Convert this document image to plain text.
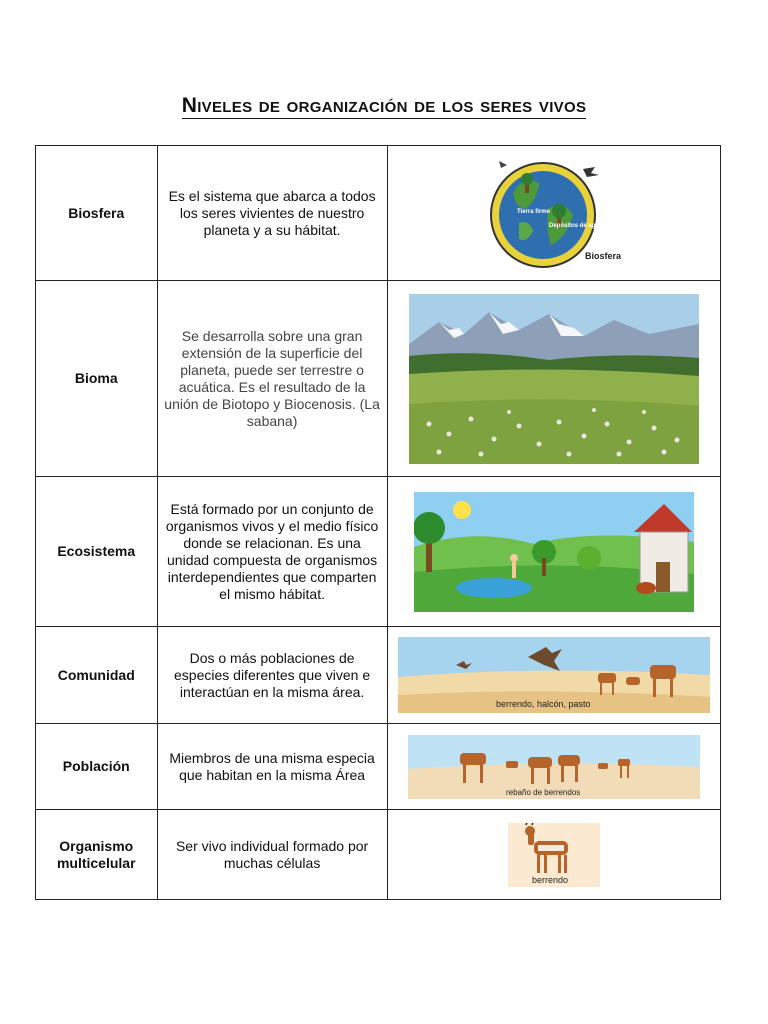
Niveles de organización de los seres vivos
Biosfera	Es el sistema que abarca a todos los seres vivientes de nuestro planeta y a su hábitat.	Tierra firme
Depósitos de agua
Biosfera

Bioma	Se desarrolla sobre una gran extensión de la superficie del planeta, puede ser terrestre o acuática. Es el resultado de la unión de Biotopo y Biocenosis. (La sabana)	

Ecosistema	Está formado por un conjunto de organismos vivos y el medio físico donde se relacionan. Es una unidad compuesta de organismos interdependientes que comparten el mismo hábitat.	

Comunidad	Dos o más poblaciones de especies diferentes que viven e interactúan en la misma área.	berrendo, halcón, pasto

Población	Miembros de una misma especia que habitan en la misma Área	rebaño de berrendos

Organismo multicelular	Ser vivo individual formado por muchas células	berrendo
